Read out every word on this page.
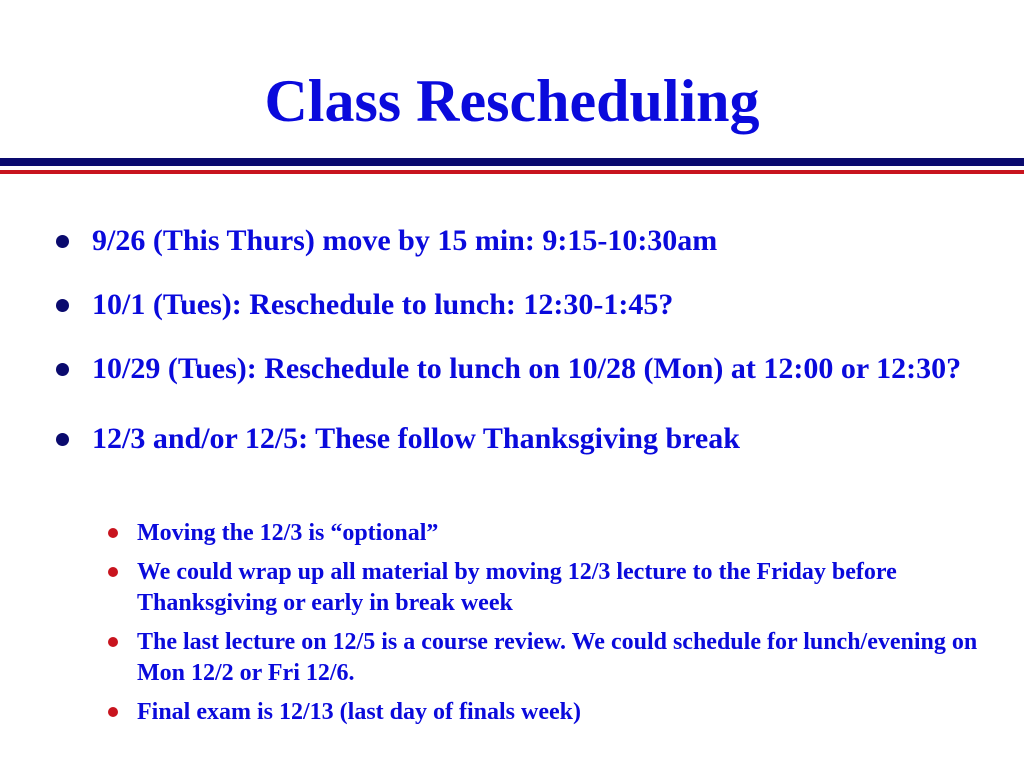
Class Rescheduling
9/26 (This Thurs) move by 15 min: 9:15-10:30am
10/1 (Tues): Reschedule to lunch: 12:30-1:45?
10/29 (Tues): Reschedule to lunch on 10/28 (Mon) at 12:00 or 12:30?
12/3 and/or 12/5: These follow Thanksgiving break
Moving the 12/3 is “optional”
We could wrap up all material by moving 12/3 lecture to the Friday before Thanksgiving or early in break week
The last lecture on 12/5 is a course review. We could schedule for lunch/evening on Mon 12/2 or Fri 12/6.
Final exam is 12/13 (last day of finals week)
